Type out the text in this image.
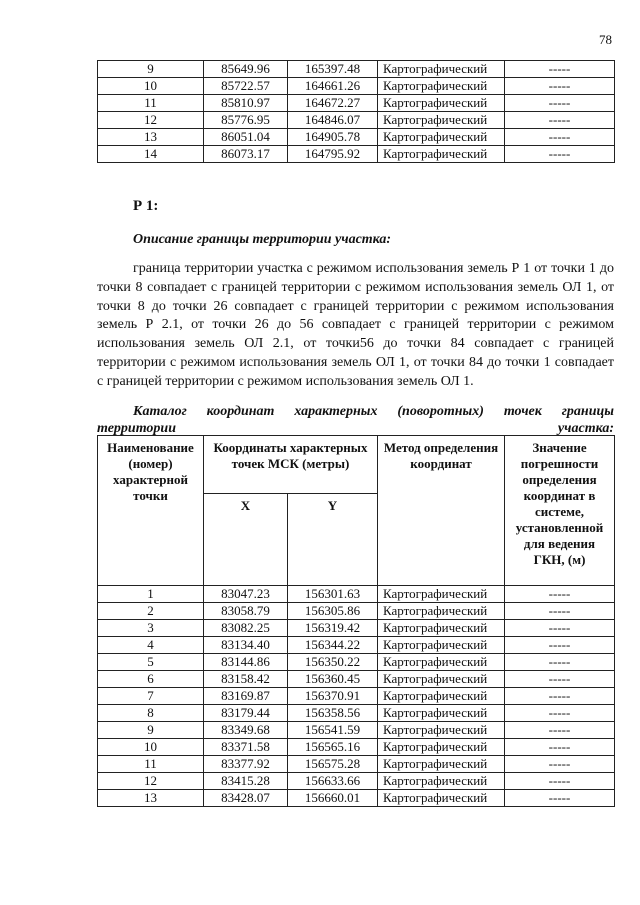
78
9	85649.96	165397.48	Картографический	-----
10	85722.57	164661.26	Картографический	-----
11	85810.97	164672.27	Картографический	-----
12	85776.95	164846.07	Картографический	-----
13	86051.04	164905.78	Картографический	-----
14	86073.17	164795.92	Картографический	-----
Р 1:
Описание границы территории участка:

граница территории участка с режимом использования земель Р 1 от точки 1 до точки 8 совпадает с границей территории с режимом использования земель ОЛ 1, от точки 8 до точки 26 совпадает с границей территории с режимом использования земель Р 2.1, от точки 26 до 56 совпадает с границей территории с режимом использования земель ОЛ 2.1, от точки56 до точки 84 совпадает с границей территории с режимом использования земель ОЛ 1, от точки 84 до точки 1 совпадает с границей территории с режимом использования земель ОЛ 1.

Каталог координат характерных (поворотных) точек границы территории участка:

Наименование (номер) характерной точки	Координаты характерных точек МСК (метры)		Метод определения координат	Значение погрешности определения координат в системе, установленной для ведения ГКН, (м)
	X	Y		
1	83047.23	156301.63	Картографический	-----
2	83058.79	156305.86	Картографический	-----
3	83082.25	156319.42	Картографический	-----
4	83134.40	156344.22	Картографический	-----
5	83144.86	156350.22	Картографический	-----
6	83158.42	156360.45	Картографический	-----
7	83169.87	156370.91	Картографический	-----
8	83179.44	156358.56	Картографический	-----
9	83349.68	156541.59	Картографический	-----
10	83371.58	156565.16	Картографический	-----
11	83377.92	156575.28	Картографический	-----
12	83415.28	156633.66	Картографический	-----
13	83428.07	156660.01	Картографический	-----
